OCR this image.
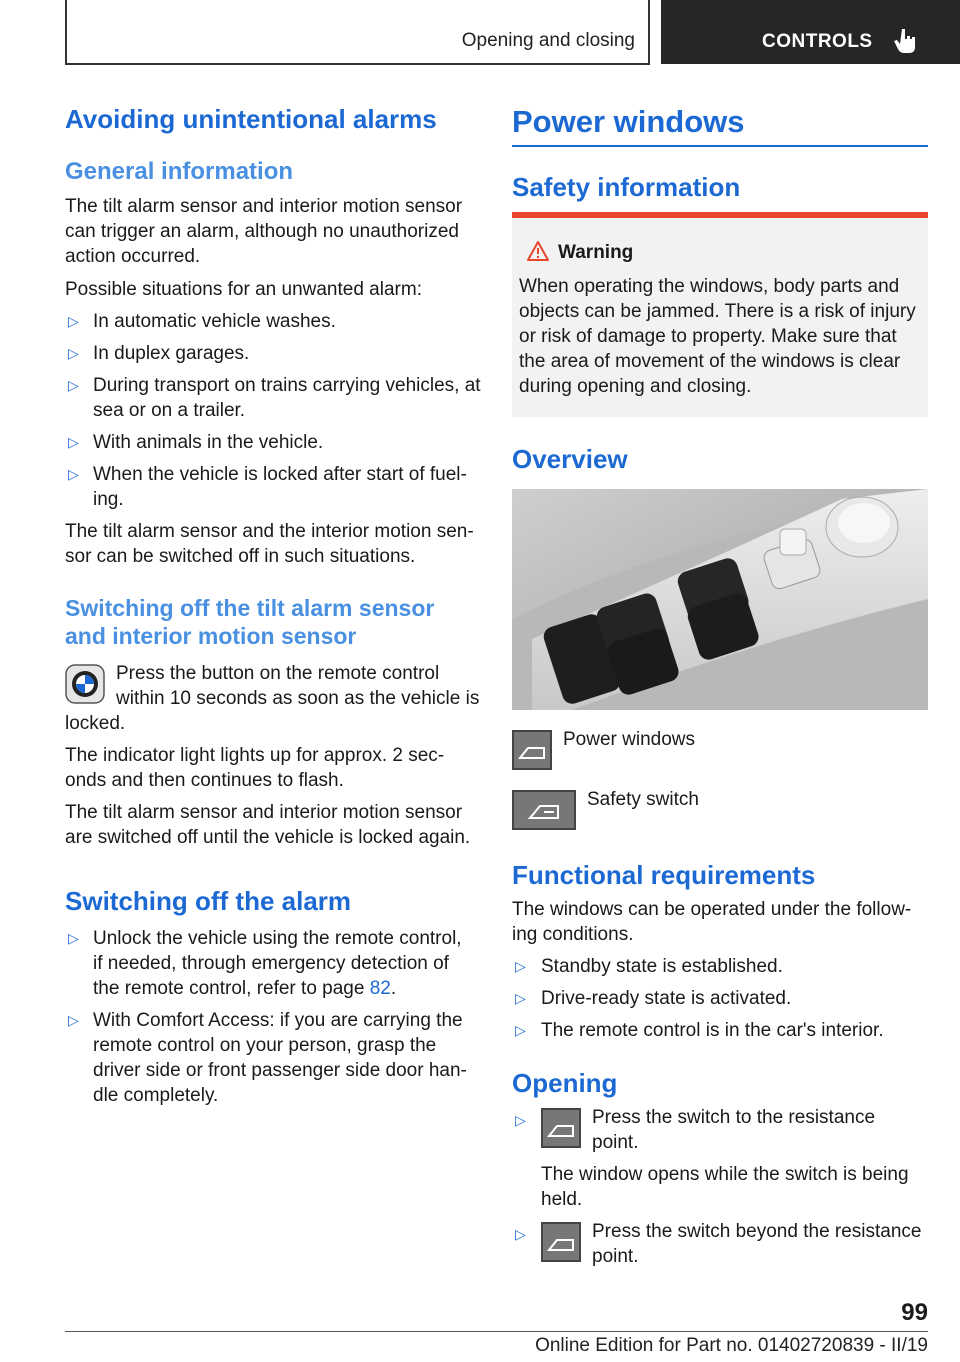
Opening and closing	CONTROLS
Avoiding unintentional alarms
General information
The tilt alarm sensor and interior motion sensor
can trigger an alarm, although no unauthorized
action occurred.
Possible situations for an unwanted alarm:
▷ In automatic vehicle washes.
▷ In duplex garages.
▷ During transport on trains carrying vehicles, at
sea or on a trailer.
▷ With animals in the vehicle.
▷ When the vehicle is locked after start of fuel-
ing.
The tilt alarm sensor and the interior motion sen-
sor can be switched off in such situations.
Switching off the tilt alarm sensor
and interior motion sensor
Press the button on the remote control
within 10 seconds as soon as the vehicle is
locked.
The indicator light lights up for approx. 2 sec-
onds and then continues to flash.
The tilt alarm sensor and interior motion sensor
are switched off until the vehicle is locked again.
Switching off the alarm
▷ Unlock the vehicle using the remote control,
if needed, through emergency detection of
the remote control, refer to page 82.
▷ With Comfort Access: if you are carrying the
remote control on your person, grasp the
driver side or front passenger side door han-
dle completely.
Power windows
Safety information
Warning
When operating the windows, body parts and
objects can be jammed. There is a risk of injury
or risk of damage to property. Make sure that
the area of movement of the windows is clear
during opening and closing.
Overview
Power windows
Safety switch
Functional requirements
The windows can be operated under the follow-
ing conditions.
▷ Standby state is established.
▷ Drive-ready state is activated.
▷ The remote control is in the car's interior.
Opening
▷	Press the switch to the resistance
point.
The window opens while the switch is being
held.
▷	Press the switch beyond the resistance
point.
99
Online Edition for Part no. 01402720839 - II/19
